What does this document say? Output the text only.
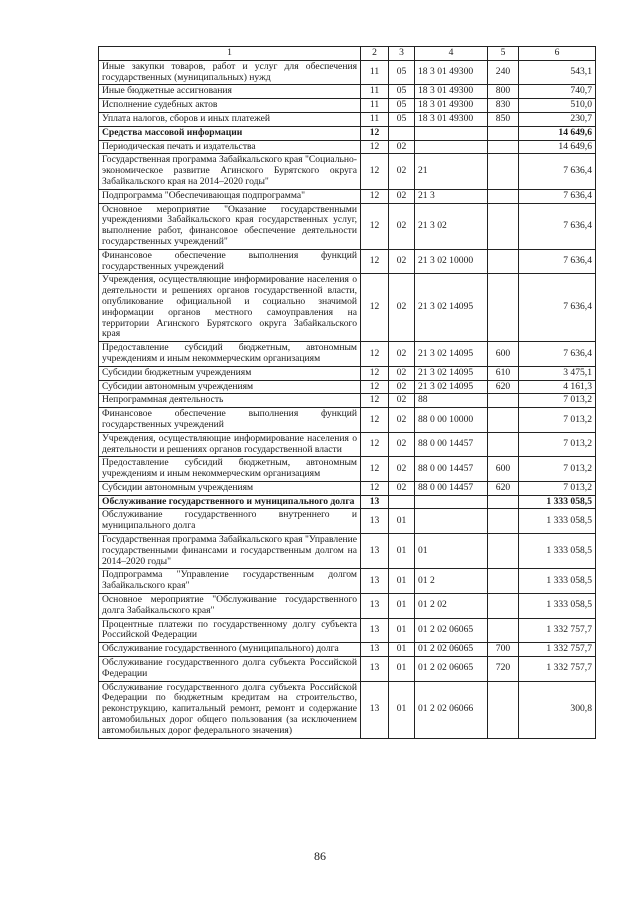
1	2	3	4	5	6
Иные закупки товаров, работ и услуг для обеспечения государственных (муниципальных) нужд	11	05	18 3 01 49300	240	543,1
Иные бюджетные ассигнования	11	05	18 3 01 49300	800	740,7
Исполнение судебных актов	11	05	18 3 01 49300	830	510,0
Уплата налогов, сборов и иных платежей	11	05	18 3 01 49300	850	230,7
Средства массовой информации	12				14 649,6
Периодическая печать и издательства	12	02			14 649,6
Государственная программа Забайкальского края "Социально-экономическое развитие Агинского Бурятского округа Забайкальского края на 2014–2020 годы"	12	02	21		7 636,4
Подпрограмма "Обеспечивающая подпрограмма"	12	02	21 3		7 636,4
Основное мероприятие "Оказание государственными учреждениями Забайкальского края государственных услуг, выполнение работ, финансовое обеспечение деятельности государственных учреждений"	12	02	21 3 02		7 636,4
Финансовое обеспечение выполнения функций государственных учреждений	12	02	21 3 02 10000		7 636,4
Учреждения, осуществляющие информирование населения о деятельности и решениях органов государственной власти, опубликование официальной и социально значимой информации органов местного самоуправления на территории Агинского Бурятского округа Забайкальского края	12	02	21 3 02 14095		7 636,4
Предоставление субсидий бюджетным, автономным учреждениям и иным некоммерческим организациям	12	02	21 3 02 14095	600	7 636,4
Субсидии бюджетным учреждениям	12	02	21 3 02 14095	610	3 475,1
Субсидии автономным учреждениям	12	02	21 3 02 14095	620	4 161,3
Непрограммная деятельность	12	02	88		7 013,2
Финансовое обеспечение выполнения функций государственных учреждений	12	02	88 0 00 10000		7 013,2
Учреждения, осуществляющие информирование населения о деятельности и решениях органов государственной власти	12	02	88 0 00 14457		7 013,2
Предоставление субсидий бюджетным, автономным учреждениям и иным некоммерческим организациям	12	02	88 0 00 14457	600	7 013,2
Субсидии автономным учреждениям	12	02	88 0 00 14457	620	7 013,2
Обслуживание государственного и муниципального долга	13				1 333 058,5
Обслуживание государственного внутреннего и муниципального долга	13	01			1 333 058,5
Государственная программа Забайкальского края "Управление государственными финансами и государственным долгом на 2014–2020 годы"	13	01	01		1 333 058,5
Подпрограмма "Управление государственным долгом Забайкальского края"	13	01	01 2		1 333 058,5
Основное мероприятие "Обслуживание государственного долга Забайкальского края"	13	01	01 2 02		1 333 058,5
Процентные платежи по государственному долгу субъекта Российской Федерации	13	01	01 2 02 06065		1 332 757,7
Обслуживание государственного (муниципального) долга	13	01	01 2 02 06065	700	1 332 757,7
Обслуживание государственного долга субъекта Российской Федерации	13	01	01 2 02 06065	720	1 332 757,7
Обслуживание государственного долга субъекта Российской Федерации по бюджетным кредитам на строительство, реконструкцию, капитальный ремонт, ремонт и содержание автомобильных дорог общего пользования (за исключением автомобильных дорог федерального значения)	13	01	01 2 02 06066		300,8
86
